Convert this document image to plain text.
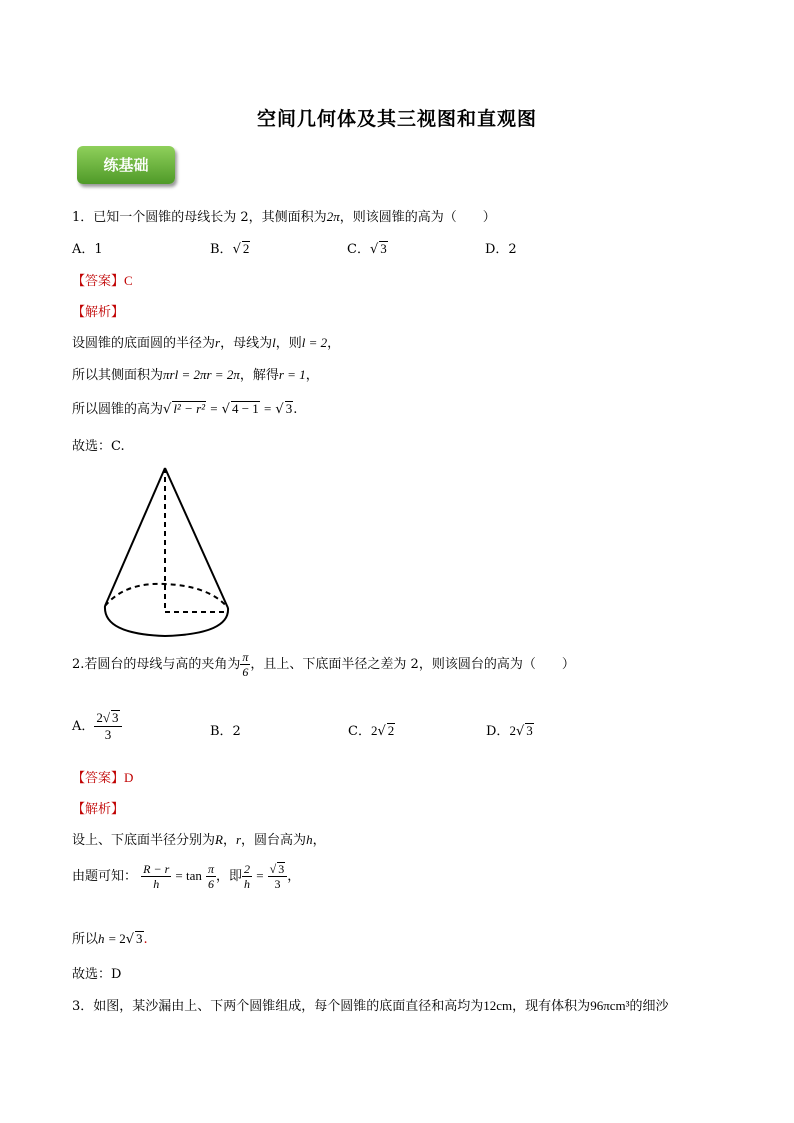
空间几何体及其三视图和直观图
练基础
1．已知一个圆锥的母线长为 2，其侧面积为2π，则该圆锥的高为（　　）
A．1	B．√ 2	C．√ 3	D．2
【答案】C
【解析】
设圆锥的底面圆的半径为r，母线为l，则l = 2，
所以其侧面积为πrl = 2πr = 2π，解得r = 1，
所以圆锥的高为√ l² − r² = √ 4 − 1 = √ 3.
故选：C.
2.若圆台的母线与高的夹角为 $\frac{\pi}{6}$ ，且上、下底面半径之差为 2，则该圆台的高为（　　）
A． $\frac{2√ 3}{3}$	B．2	C．2√ 2	D．2√ 3
【答案】D
【解析】
设上、下底面半径分别为R，r，圆台高为h，
由题可知： $\frac{R - r}{h} = \tan \frac{\pi}{6}$ ，即 $\frac{2}{h} = \frac{√ 3}{3}$ ，
所以h = 2√ 3.
故选：D
3．如图，某沙漏由上、下两个圆锥组成，每个圆锥的底面直径和高均为12cm，现有体积为96πcm³的细沙
